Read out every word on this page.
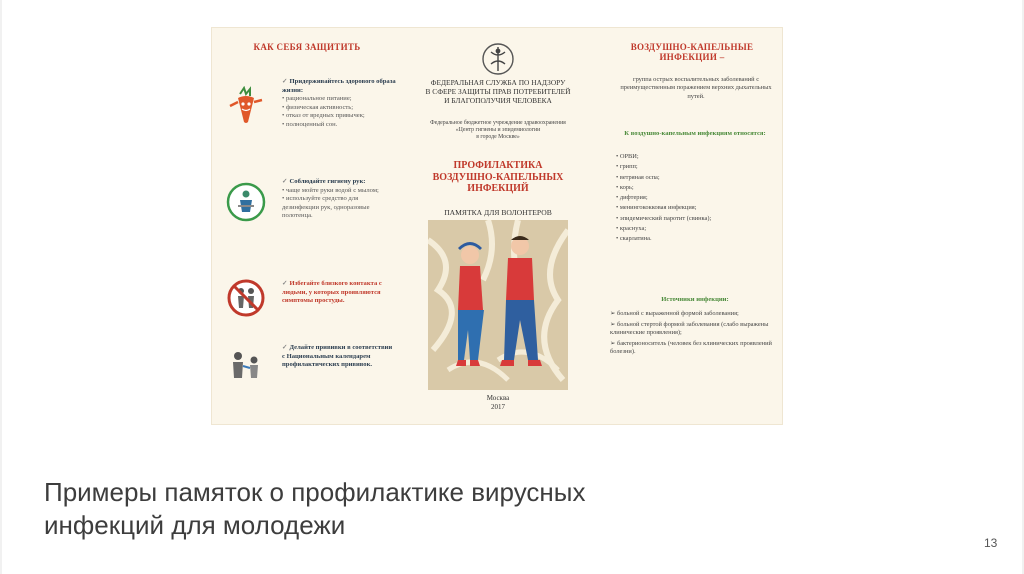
КАК СЕБЯ ЗАЩИТИТЬ
✓ Придерживайтесь здорового образа жизни:
• рациональное питание;
• физическая активность;
• отказ от вредных привычек;
• полноценный сон.
✓ Соблюдайте гигиену рук:
• чаще мойте руки водой с мылом;
• используйте средство для дезинфекции рук, одноразовые полотенца.
✓ Избегайте близкого контакта с людьми, у которых проявляются симптомы простуды.
✓ Делайте прививки в соответствии с Национальным календарем профилактических прививок.
ФЕДЕРАЛЬНАЯ СЛУЖБА ПО НАДЗОРУ
В СФЕРЕ ЗАЩИТЫ ПРАВ ПОТРЕБИТЕЛЕЙ
И БЛАГОПОЛУЧИЯ ЧЕЛОВЕКА
Федеральное бюджетное учреждение здравоохранения
«Центр гигиены и эпидемиологии
в городе Москве»
ПРОФИЛАКТИКА
ВОЗДУШНО-КАПЕЛЬНЫХ
ИНФЕКЦИЙ
ПАМЯТКА ДЛЯ ВОЛОНТЕРОВ
Москва
2017
ВОЗДУШНО-КАПЕЛЬНЫЕ
ИНФЕКЦИИ –
группа острых воспалительных заболеваний с преимущественным поражением верхних дыхательных путей.
К воздушно-капельным инфекциям относятся:
• ОРВИ;
• грипп;
• ветряная оспа;
• корь;
• дифтерия;
• менингококковая инфекция;
• эпидемический паротит (свинка);
• краснуха;
• скарлатина.
Источники инфекции:
➢ больной с выраженной формой заболевания;
➢ больной стертой формой заболевания (слабо выражены клинические проявления);
➢ бактерионоситель (человек без клинических проявлений болезни).
Примеры памяток о профилактике вирусных
инфекций для молодежи
13
